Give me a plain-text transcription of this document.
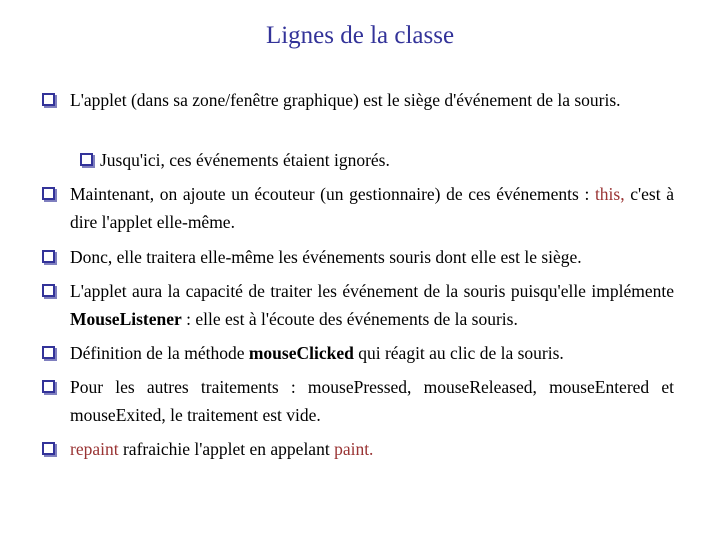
Lignes de la classe
L'applet (dans sa zone/fenêtre graphique) est le siège d'événement de la souris.
Jusqu'ici, ces événements étaient ignorés.
Maintenant, on ajoute un écouteur (un gestionnaire) de ces événements : this, c'est à dire l'applet elle-même.
Donc, elle traitera elle-même les événements souris dont elle est le siège.
L'applet aura la capacité de traiter les événement de la souris puisqu'elle implémente MouseListener : elle est à l'écoute des événements de la souris.
Définition de la méthode mouseClicked qui réagit au clic de la souris.
Pour les autres traitements : mousePressed, mouseReleased, mouseEntered et mouseExited, le traitement est vide.
repaint rafraichie l'applet en appelant paint.
